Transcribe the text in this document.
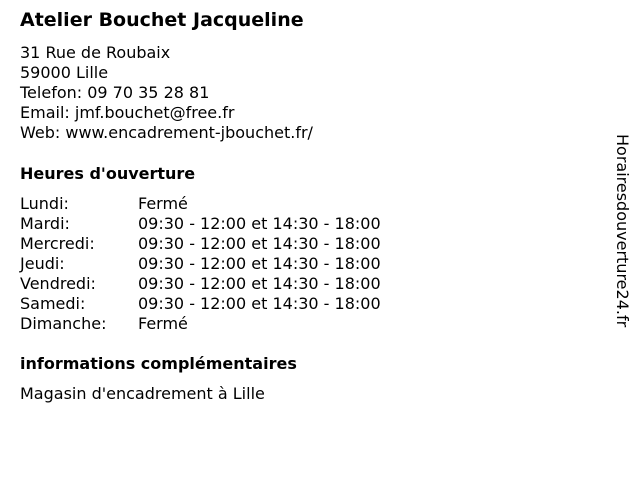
Atelier Bouchet Jacqueline
31 Rue de Roubaix
59000 Lille
Telefon: 09 70 35 28 81
Email: jmf.bouchet@free.fr
Web: www.encadrement-jbouchet.fr/
Heures d'ouverture
Lundi:	Fermé
Mardi:	09:30 - 12:00 et 14:30 - 18:00
Mercredi:	09:30 - 12:00 et 14:30 - 18:00
Jeudi:	09:30 - 12:00 et 14:30 - 18:00
Vendredi:	09:30 - 12:00 et 14:30 - 18:00
Samedi:	09:30 - 12:00 et 14:30 - 18:00
Dimanche:	Fermé
informations complémentaires
Magasin d'encadrement à Lille
Horairesdouverture24.fr
